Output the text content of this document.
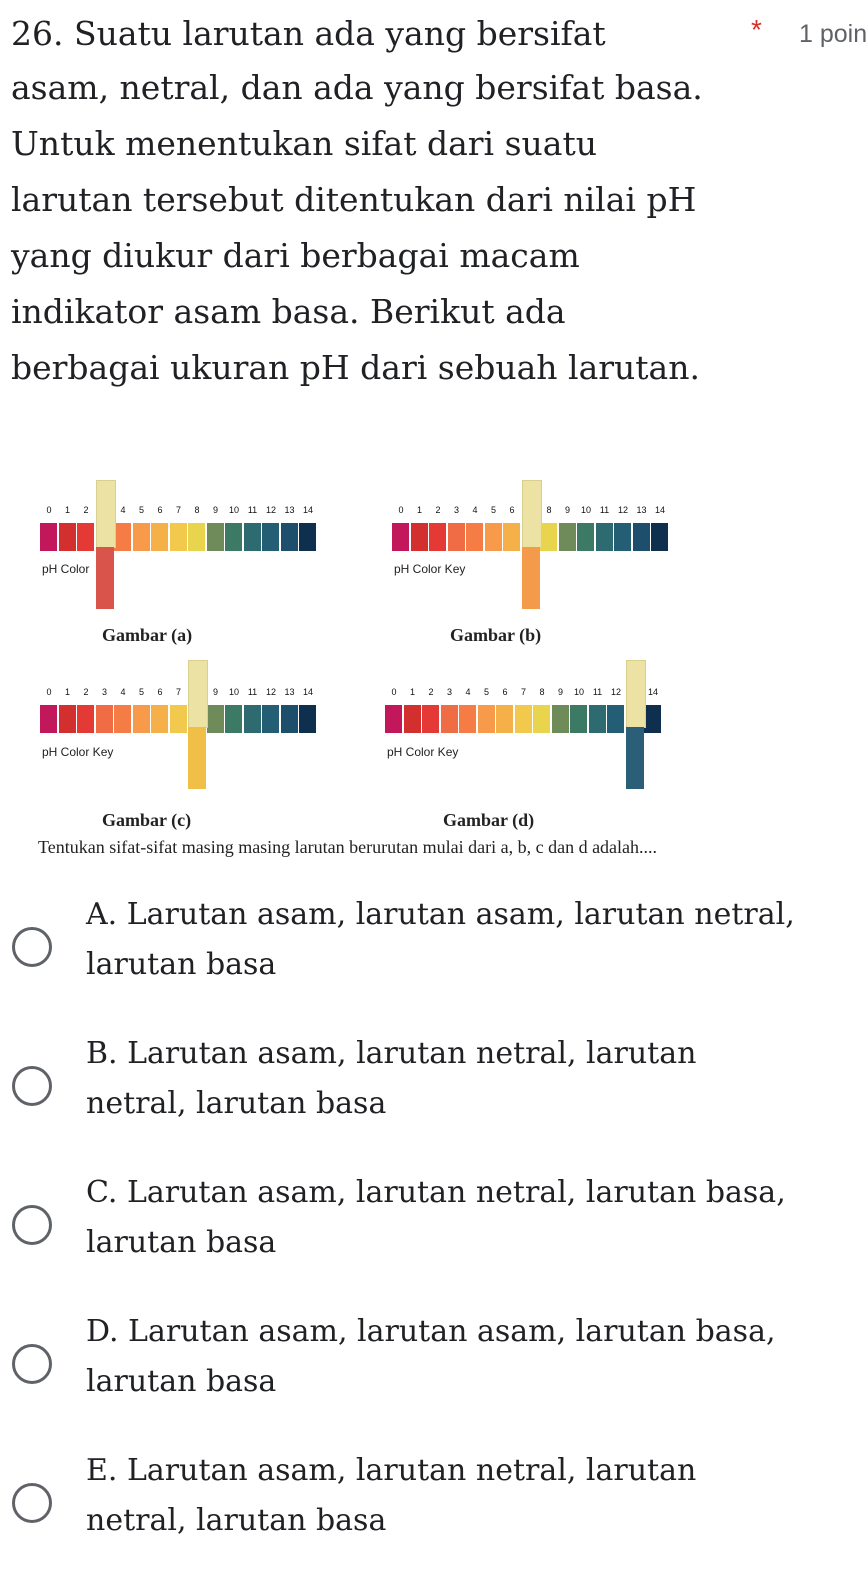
26. Suatu larutan ada yang bersifat	* 1 poin
asam, netral, dan ada yang bersifat basa.
Untuk menentukan sifat dari suatu
larutan tersebut ditentukan dari nilai pH
yang diukur dari berbagai macam
indikator asam basa. Berikut ada
berbagai ukuran pH dari sebuah larutan.
0	1	2	4	5	6	7	8	9	10 11 12 13 14
pH Color
Gambar (a)
0	1	2	3	4	5	6	8	9	10 11 12 13 14
pH Color Key
Gambar (b)
0	1	2	3	4	5	6	7	9	10 11 12 13 14
pH Color Key
Gambar (c)
0	1	2	3	4	5	6	7	8	9	10 11 12	14
pH Color Key
Gambar (d)
Tentukan sifat-sifat masing masing larutan berurutan mulai dari a, b, c dan d adalah....
A. Larutan asam, larutan asam, larutan netral,
larutan basa
B. Larutan asam, larutan netral, larutan
netral, larutan basa
C. Larutan asam, larutan netral, larutan basa,
larutan basa
D. Larutan asam, larutan asam, larutan basa,
larutan basa
E. Larutan asam, larutan netral, larutan
netral, larutan basa
